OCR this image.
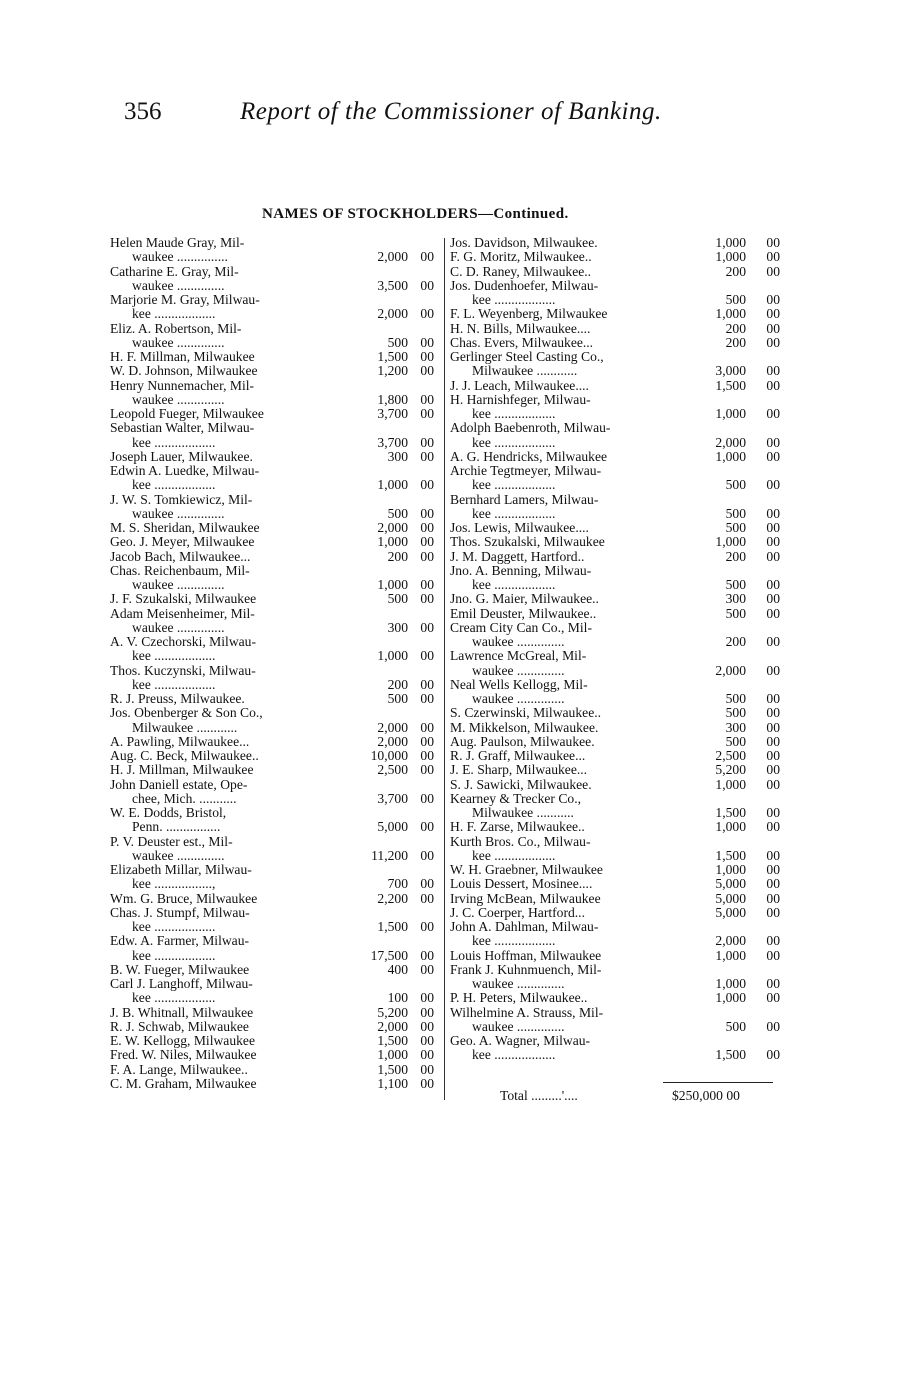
356	Report of the Commissioner of Banking.
NAMES OF STOCKHOLDERS—Continued.
Helen Maude Gray, Mil-
waukee ...............	2,000 00
Catharine E. Gray, Mil-
waukee ..............	3,500 00
Marjorie M. Gray, Milwau-
kee ..................	2,000 00
Eliz. A. Robertson, Mil-
waukee ..............	500 00
H. F. Millman, Milwaukee	1,500 00
W. D. Johnson, Milwaukee	1,200 00
Henry Nunnemacher, Mil-
waukee ..............	1,800 00
Leopold Fueger, Milwaukee	3,700 00
Sebastian Walter, Milwau-
kee ..................	3,700 00
Joseph Lauer, Milwaukee.	300 00
Edwin A. Luedke, Milwau-
kee ..................	1,000 00
J. W. S. Tomkiewicz, Mil-
waukee ..............	500 00
M. S. Sheridan, Milwaukee	2,000 00
Geo. J. Meyer, Milwaukee	1,000 00
Jacob Bach, Milwaukee...	200 00
Chas. Reichenbaum, Mil-
waukee ..............	1,000 00
J. F. Szukalski, Milwaukee	500 00
Adam Meisenheimer, Mil-
waukee ..............	300 00
A. V. Czechorski, Milwau-
kee ..................	1,000 00
Thos. Kuczynski, Milwau-
kee ..................	200 00
R. J. Preuss, Milwaukee.	500 00
Jos. Obenberger & Son Co.,
Milwaukee ............	2,000 00
A. Pawling, Milwaukee...	2,000 00
Aug. C. Beck, Milwaukee..	10,000 00
H. J. Millman, Milwaukee	2,500 00
John Daniell estate, Ope-
chee, Mich. ...........	3,700 00
W. E. Dodds, Bristol,
Penn. ................	5,000 00
P. V. Deuster est., Mil-
waukee ..............	11,200 00
Elizabeth Millar, Milwau-
kee .................,	700 00
Wm. G. Bruce, Milwaukee	2,200 00
Chas. J. Stumpf, Milwau-
kee ..................	1,500 00
Edw. A. Farmer, Milwau-
kee ..................	17,500 00
B. W. Fueger, Milwaukee	400 00
Carl J. Langhoff, Milwau-
kee ..................	100 00
J. B. Whitnall, Milwaukee	5,200 00
R. J. Schwab, Milwaukee	2,000 00
E. W. Kellogg, Milwaukee	1,500 00
Fred. W. Niles, Milwaukee	1,000 00
F. A. Lange, Milwaukee..	1,500 00
C. M. Graham, Milwaukee	1,100 00
Jos. Davidson, Milwaukee.	1,000 00
F. G. Moritz, Milwaukee..	1,000 00
C. D. Raney, Milwaukee..	200 00
Jos. Dudenhoefer, Milwau-
kee ..................	500 00
F. L. Weyenberg, Milwaukee	1,000 00
H. N. Bills, Milwaukee....	200 00
Chas. Evers, Milwaukee...	200 00
Gerlinger Steel Casting Co.,
Milwaukee ............	3,000 00
J. J. Leach, Milwaukee....	1,500 00
H. Harnishfeger, Milwau-
kee ..................	1,000 00
Adolph Baebenroth, Milwau-
kee ..................	2,000 00
A. G. Hendricks, Milwaukee	1,000 00
Archie Tegtmeyer, Milwau-
kee ..................	500 00
Bernhard Lamers, Milwau-
kee ..................	500 00
Jos. Lewis, Milwaukee....	500 00
Thos. Szukalski, Milwaukee	1,000 00
J. M. Daggett, Hartford..	200 00
Jno. A. Benning, Milwau-
kee ..................	500 00
Jno. G. Maier, Milwaukee..	300 00
Emil Deuster, Milwaukee..	500 00
Cream City Can Co., Mil-
waukee ..............	200 00
Lawrence McGreal, Mil-
waukee ..............	2,000 00
Neal Wells Kellogg, Mil-
waukee ..............	500 00
S. Czerwinski, Milwaukee..	500 00
M. Mikkelson, Milwaukee.	300 00
Aug. Paulson, Milwaukee.	500 00
R. J. Graff, Milwaukee...	2,500 00
J. E. Sharp, Milwaukee...	5,200 00
S. J. Sawicki, Milwaukee.	1,000 00
Kearney & Trecker Co.,
Milwaukee ...........	1,500 00
H. F. Zarse, Milwaukee..	1,000 00
Kurth Bros. Co., Milwau-
kee ..................	1,500 00
W. H. Graebner, Milwaukee	1,000 00
Louis Dessert, Mosinee....	5,000 00
Irving McBean, Milwaukee	5,000 00
J. C. Coerper, Hartford...	5,000 00
John A. Dahlman, Milwau-
kee ..................	2,000 00
Louis Hoffman, Milwaukee	1,000 00
Frank J. Kuhnmuench, Mil-
waukee ..............	1,000 00
P. H. Peters, Milwaukee..	1,000 00
Wilhelmine A. Strauss, Mil-
waukee ..............	500 00
Geo. A. Wagner, Milwau-
kee ..................	1,500 00
Total .........'....	$250,000 00
